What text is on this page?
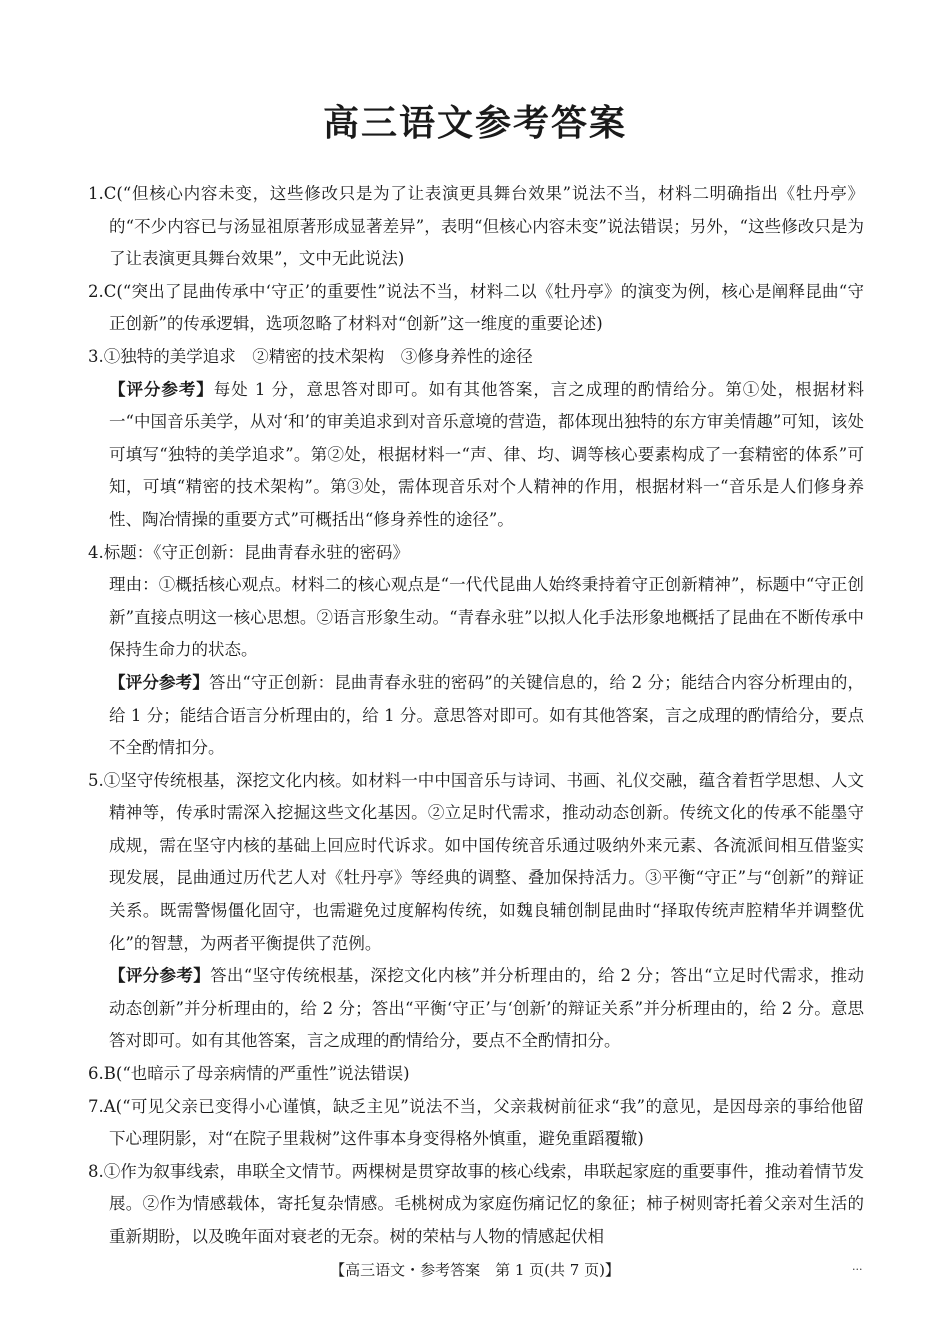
高三语文参考答案

1.C(“但核心内容未变，这些修改只是为了让表演更具舞台效果”说法不当，材料二明确指出《牡丹亭》的“不少内容已与汤显祖原著形成显著差异”，表明“但核心内容未变”说法错误；另外，“这些修改只是为了让表演更具舞台效果”，文中无此说法)

2.C(“突出了昆曲传承中‘守正’的重要性”说法不当，材料二以《牡丹亭》的演变为例，核心是阐释昆曲“守正创新”的传承逻辑，选项忽略了材料对“创新”这一维度的重要论述)

3.①独特的美学追求　②精密的技术架构　③修身养性的途径

【评分参考】每处 1 分，意思答对即可。如有其他答案，言之成理的酌情给分。第①处，根据材料一“中国音乐美学，从对‘和’的审美追求到对音乐意境的营造，都体现出独特的东方审美情趣”可知，该处可填写“独特的美学追求”。第②处，根据材料一“声、律、均、调等核心要素构成了一套精密的体系”可知，可填“精密的技术架构”。第③处，需体现音乐对个人精神的作用，根据材料一“音乐是人们修身养性、陶冶情操的重要方式”可概括出“修身养性的途径”。

4.标题：《守正创新：昆曲青春永驻的密码》

理由：①概括核心观点。材料二的核心观点是“一代代昆曲人始终秉持着守正创新精神”，标题中“守正创新”直接点明这一核心思想。②语言形象生动。“青春永驻”以拟人化手法形象地概括了昆曲在不断传承中保持生命力的状态。

【评分参考】答出“守正创新：昆曲青春永驻的密码”的关键信息的，给 2 分；能结合内容分析理由的，给 1 分；能结合语言分析理由的，给 1 分。意思答对即可。如有其他答案，言之成理的酌情给分，要点不全酌情扣分。

5.①坚守传统根基，深挖文化内核。如材料一中中国音乐与诗词、书画、礼仪交融，蕴含着哲学思想、人文精神等，传承时需深入挖掘这些文化基因。②立足时代需求，推动动态创新。传统文化的传承不能墨守成规，需在坚守内核的基础上回应时代诉求。如中国传统音乐通过吸纳外来元素、各流派间相互借鉴实现发展，昆曲通过历代艺人对《牡丹亭》等经典的调整、叠加保持活力。③平衡“守正”与“创新”的辩证关系。既需警惕僵化固守，也需避免过度解构传统，如魏良辅创制昆曲时“择取传统声腔精华并调整优化”的智慧，为两者平衡提供了范例。

【评分参考】答出“坚守传统根基，深挖文化内核”并分析理由的，给 2 分；答出“立足时代需求，推动动态创新”并分析理由的，给 2 分；答出“平衡‘守正’与‘创新’的辩证关系”并分析理由的，给 2 分。意思答对即可。如有其他答案，言之成理的酌情给分，要点不全酌情扣分。

6.B(“也暗示了母亲病情的严重性”说法错误)

7.A(“可见父亲已变得小心谨慎，缺乏主见”说法不当，父亲栽树前征求“我”的意见，是因母亲的事给他留下心理阴影，对“在院子里栽树”这件事本身变得格外慎重，避免重蹈覆辙)

8.①作为叙事线索，串联全文情节。两棵树是贯穿故事的核心线索，串联起家庭的重要事件，推动着情节发展。②作为情感载体，寄托复杂情感。毛桃树成为家庭伤痛记忆的象征；柿子树则寄托着父亲对生活的重新期盼，以及晚年面对衰老的无奈。树的荣枯与人物的情感起伏相

【高三语文・参考答案　第 1 页(共 7 页)】	...
